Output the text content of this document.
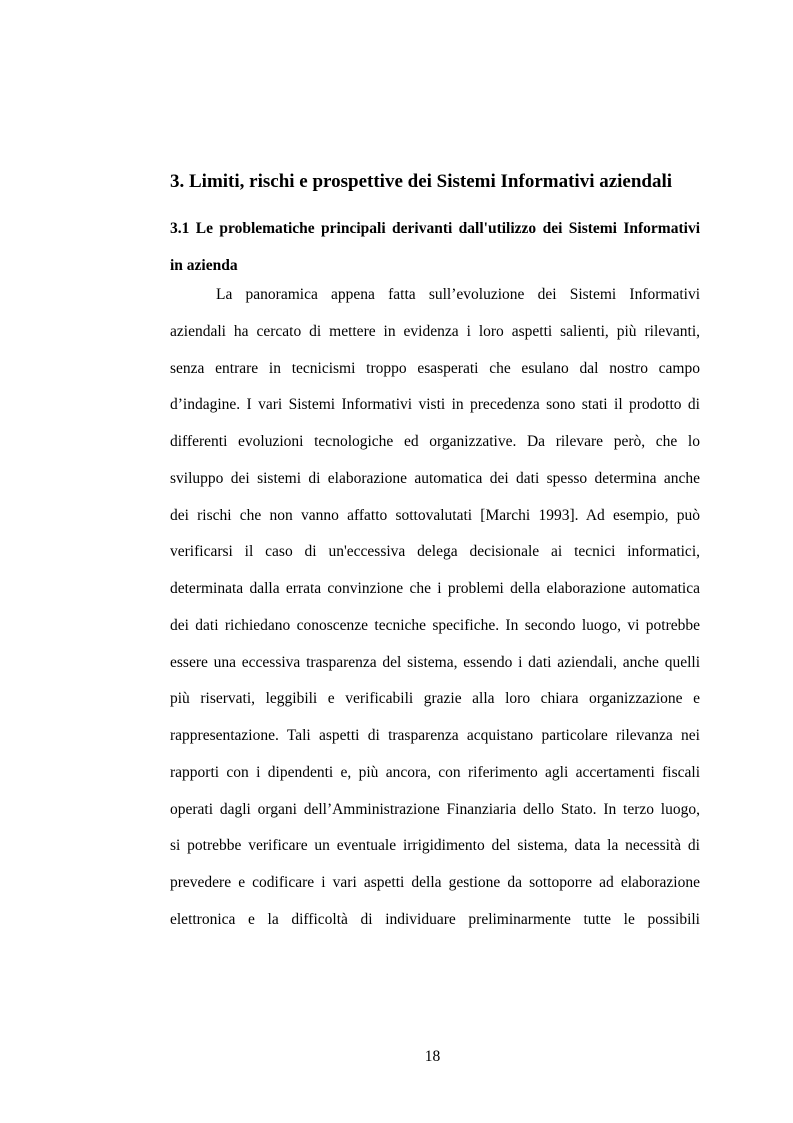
3. Limiti, rischi e prospettive dei Sistemi Informativi aziendali
3.1 Le problematiche principali derivanti dall'utilizzo dei Sistemi Informativi
in azienda
La panoramica appena fatta sull’evoluzione dei Sistemi Informativi
aziendali ha cercato di mettere in evidenza i loro aspetti salienti, più rilevanti,
senza entrare in tecnicismi troppo esasperati che esulano dal nostro campo
d’indagine. I vari Sistemi Informativi visti in precedenza sono stati il prodotto di
differenti evoluzioni tecnologiche ed organizzative. Da rilevare però, che lo
sviluppo dei sistemi di elaborazione automatica dei dati spesso determina anche
dei rischi che non vanno affatto sottovalutati [Marchi 1993]. Ad esempio, può
verificarsi il caso di un'eccessiva delega decisionale ai tecnici informatici,
determinata dalla errata convinzione che i problemi della elaborazione automatica
dei dati richiedano conoscenze tecniche specifiche. In secondo luogo, vi potrebbe
essere una eccessiva trasparenza del sistema, essendo i dati aziendali, anche quelli
più riservati, leggibili e verificabili grazie alla loro chiara organizzazione e
rappresentazione. Tali aspetti di trasparenza acquistano particolare rilevanza nei
rapporti con i dipendenti e, più ancora, con riferimento agli accertamenti fiscali
operati dagli organi dell’Amministrazione Finanziaria dello Stato. In terzo luogo,
si potrebbe verificare un eventuale irrigidimento del sistema, data la necessità di
prevedere e codificare i vari aspetti della gestione da sottoporre ad elaborazione
elettronica e la difficoltà di individuare preliminarmente tutte le possibili
18
